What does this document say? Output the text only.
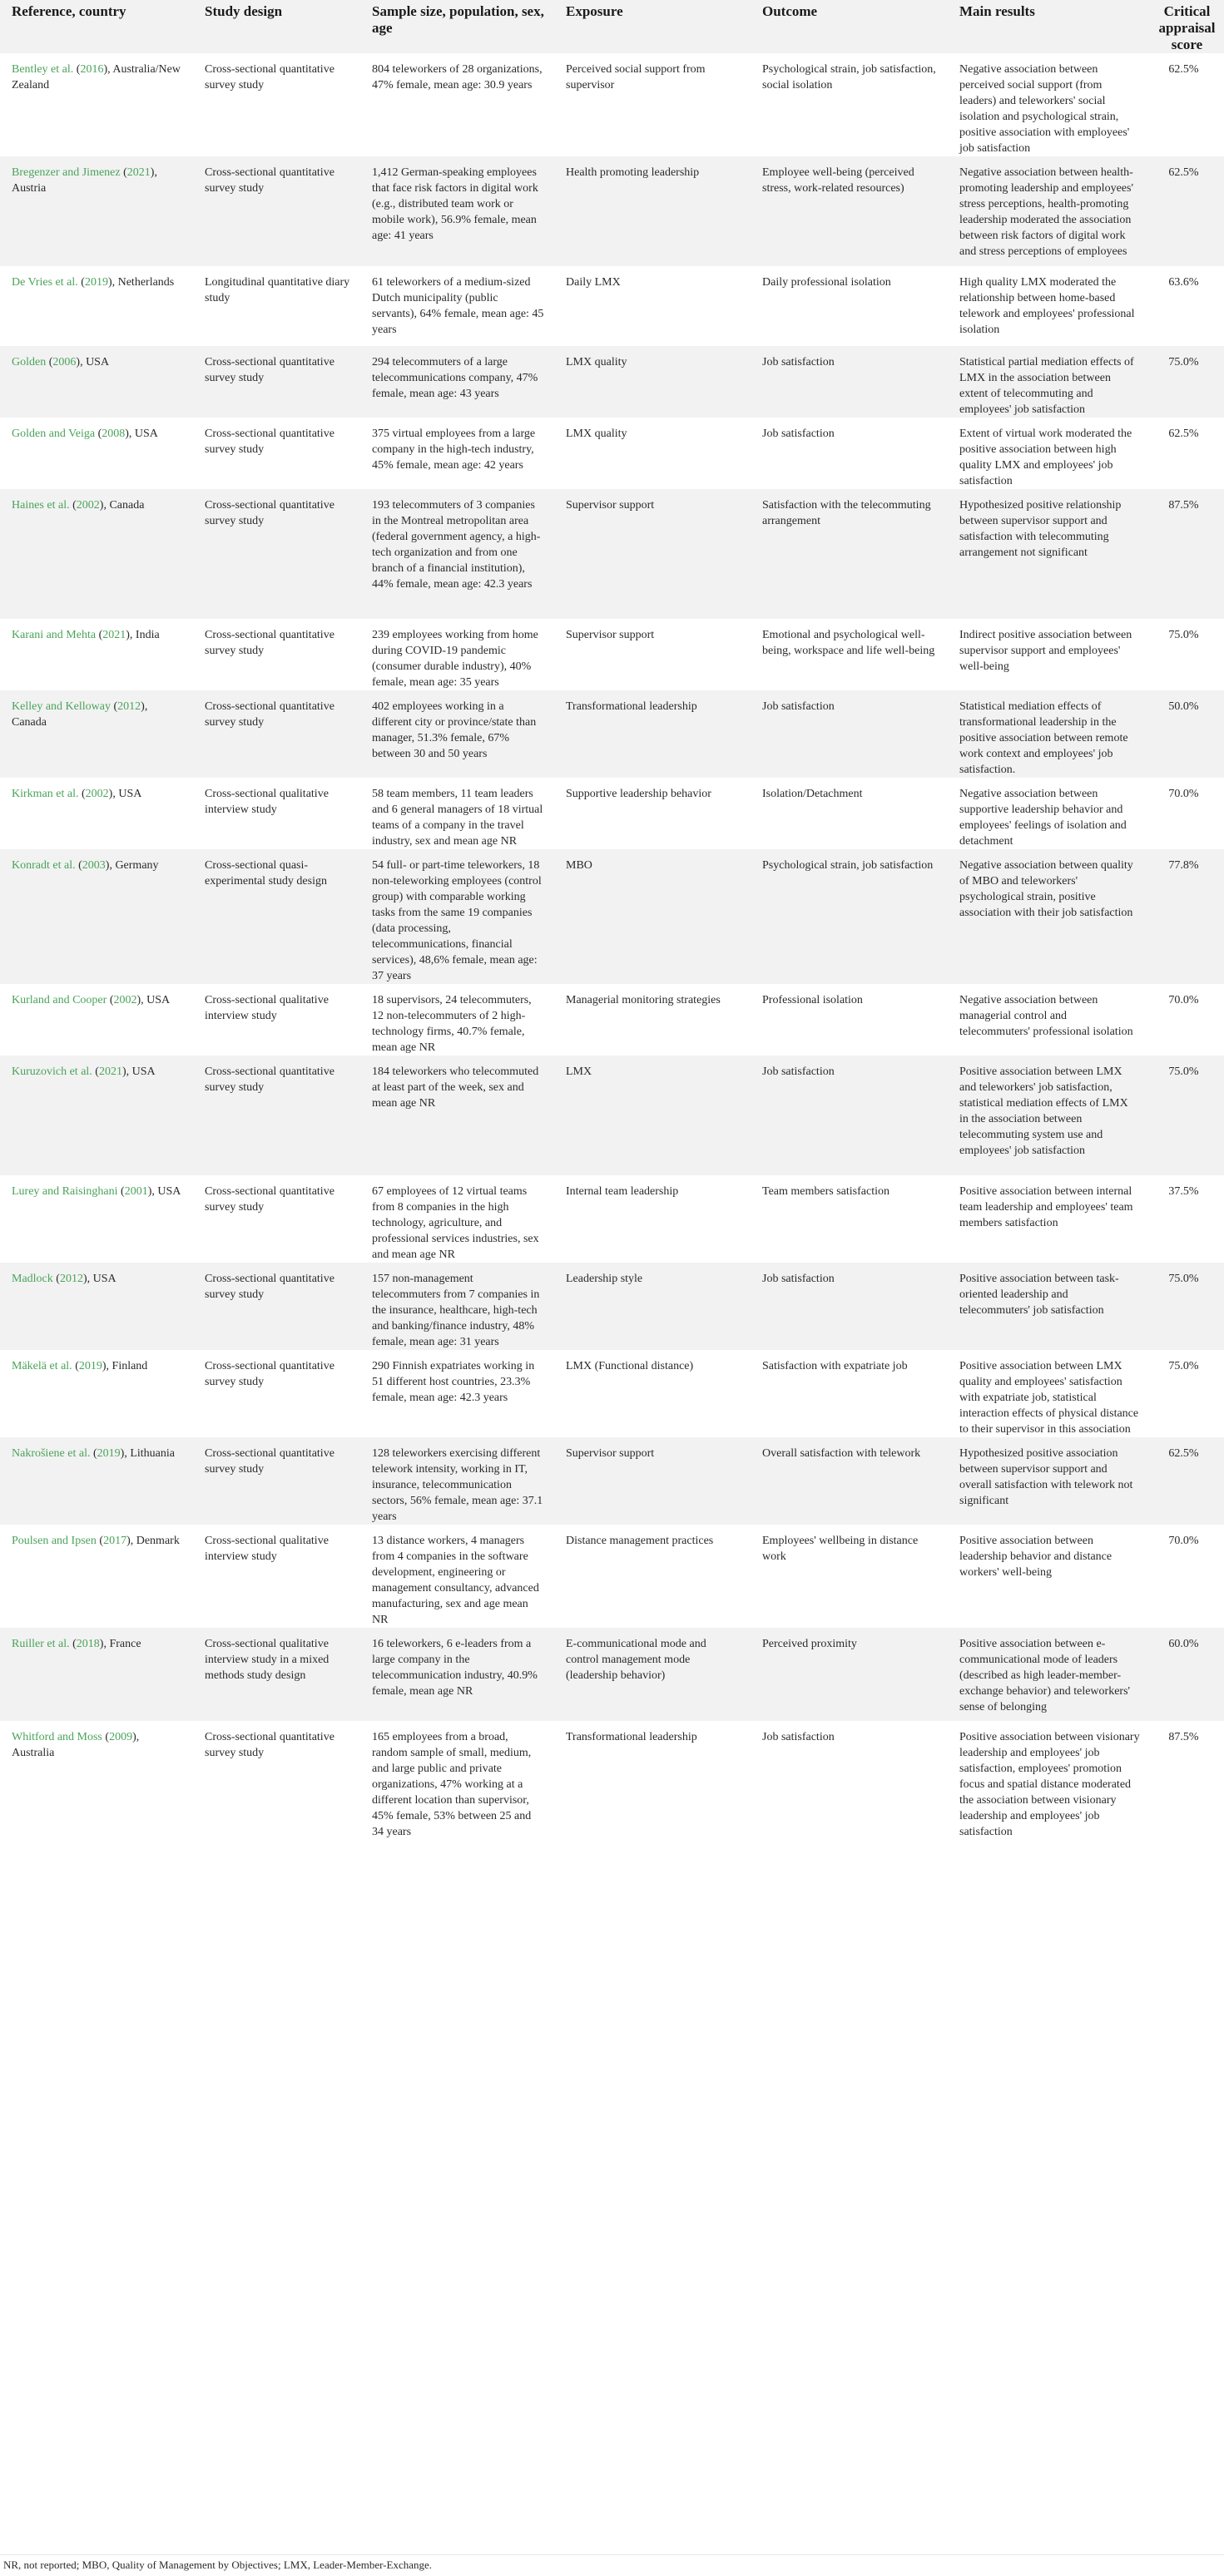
Reference, country	Study design	Sample size, population, sex, age	Exposure	Outcome	Main results	Critical appraisal score
Bentley et al. (2016), Australia/New Zealand	Cross-sectional quantitative survey study	804 teleworkers of 28 organizations, 47% female, mean age: 30.9 years	Perceived social support from supervisor	Psychological strain, job satisfaction, social isolation	Negative association between perceived social support (from leaders) and teleworkers' social isolation and psychological strain, positive association with employees' job satisfaction	62.5%
Bregenzer and Jimenez (2021), Austria	Cross-sectional quantitative survey study	1,412 German-speaking employees that face risk factors in digital work (e.g., distributed team work or mobile work), 56.9% female, mean age: 41 years	Health promoting leadership	Employee well-being (perceived stress, work-related resources)	Negative association between health-promoting leadership and employees' stress perceptions, health-promoting leadership moderated the association between risk factors of digital work and stress perceptions of employees	62.5%
De Vries et al. (2019), Netherlands	Longitudinal quantitative diary study	61 teleworkers of a medium-sized Dutch municipality (public servants), 64% female, mean age: 45 years	Daily LMX	Daily professional isolation	High quality LMX moderated the relationship between home-based telework and employees' professional isolation	63.6%
Golden (2006), USA	Cross-sectional quantitative survey study	294 telecommuters of a large telecommunications company, 47% female, mean age: 43 years	LMX quality	Job satisfaction	Statistical partial mediation effects of LMX in the association between extent of telecommuting and employees' job satisfaction	75.0%
Golden and Veiga (2008), USA	Cross-sectional quantitative survey study	375 virtual employees from a large company in the high-tech industry, 45% female, mean age: 42 years	LMX quality	Job satisfaction	Extent of virtual work moderated the positive association between high quality LMX and employees' job satisfaction	62.5%
Haines et al. (2002), Canada	Cross-sectional quantitative survey study	193 telecommuters of 3 companies in the Montreal metropolitan area (federal government agency, a high-tech organization and from one branch of a financial institution), 44% female, mean age: 42.3 years	Supervisor support	Satisfaction with the telecommuting arrangement	Hypothesized positive relationship between supervisor support and satisfaction with telecommuting arrangement not significant	87.5%
Karani and Mehta (2021), India	Cross-sectional quantitative survey study	239 employees working from home during COVID-19 pandemic (consumer durable industry), 40% female, mean age: 35 years	Supervisor support	Emotional and psychological well-being, workspace and life well-being	Indirect positive association between supervisor support and employees' well-being	75.0%
Kelley and Kelloway (2012), Canada	Cross-sectional quantitative survey study	402 employees working in a different city or province/state than manager, 51.3% female, 67% between 30 and 50 years	Transformational leadership	Job satisfaction	Statistical mediation effects of transformational leadership in the positive association between remote work context and employees' job satisfaction.	50.0%
Kirkman et al. (2002), USA	Cross-sectional qualitative interview study	58 team members, 11 team leaders and 6 general managers of 18 virtual teams of a company in the travel industry, sex and mean age NR	Supportive leadership behavior	Isolation/Detachment	Negative association between supportive leadership behavior and employees' feelings of isolation and detachment	70.0%
Konradt et al. (2003), Germany	Cross-sectional quasi-experimental study design	54 full- or part-time teleworkers, 18 non-teleworking employees (control group) with comparable working tasks from the same 19 companies (data processing, telecommunications, financial services), 48,6% female, mean age: 37 years	MBO	Psychological strain, job satisfaction	Negative association between quality of MBO and teleworkers' psychological strain, positive association with their job satisfaction	77.8%
Kurland and Cooper (2002), USA	Cross-sectional qualitative interview study	18 supervisors, 24 telecommuters, 12 non-telecommuters of 2 high-technology firms, 40.7% female, mean age NR	Managerial monitoring strategies	Professional isolation	Negative association between managerial control and telecommuters' professional isolation	70.0%
Kuruzovich et al. (2021), USA	Cross-sectional quantitative survey study	184 teleworkers who telecommuted at least part of the week, sex and mean age NR	LMX	Job satisfaction	Positive association between LMX and teleworkers' job satisfaction, statistical mediation effects of LMX in the association between telecommuting system use and employees' job satisfaction	75.0%
Lurey and Raisinghani (2001), USA	Cross-sectional quantitative survey study	67 employees of 12 virtual teams from 8 companies in the high technology, agriculture, and professional services industries, sex and mean age NR	Internal team leadership	Team members satisfaction	Positive association between internal team leadership and employees' team members satisfaction	37.5%
Madlock (2012), USA	Cross-sectional quantitative survey study	157 non-management telecommuters from 7 companies in the insurance, healthcare, high-tech and banking/finance industry, 48% female, mean age: 31 years	Leadership style	Job satisfaction	Positive association between task-oriented leadership and telecommuters' job satisfaction	75.0%
Mäkelä et al. (2019), Finland	Cross-sectional quantitative survey study	290 Finnish expatriates working in 51 different host countries, 23.3% female, mean age: 42.3 years	LMX (Functional distance)	Satisfaction with expatriate job	Positive association between LMX quality and employees' satisfaction with expatriate job, statistical interaction effects of physical distance to their supervisor in this association	75.0%
Nakrošiene et al. (2019), Lithuania	Cross-sectional quantitative survey study	128 teleworkers exercising different telework intensity, working in IT, insurance, telecommunication sectors, 56% female, mean age: 37.1 years	Supervisor support	Overall satisfaction with telework	Hypothesized positive association between supervisor support and overall satisfaction with telework not significant	62.5%
Poulsen and Ipsen (2017), Denmark	Cross-sectional qualitative interview study	13 distance workers, 4 managers from 4 companies in the software development, engineering or management consultancy, advanced manufacturing, sex and age mean NR	Distance management practices	Employees' wellbeing in distance work	Positive association between leadership behavior and distance workers' well-being	70.0%
Ruiller et al. (2018), France	Cross-sectional qualitative interview study in a mixed methods study design	16 teleworkers, 6 e-leaders from a large company in the telecommunication industry, 40.9% female, mean age NR	E-communicational mode and control management mode (leadership behavior)	Perceived proximity	Positive association between e-communicational mode of leaders (described as high leader-member-exchange behavior) and teleworkers' sense of belonging	60.0%
Whitford and Moss (2009), Australia	Cross-sectional quantitative survey study	165 employees from a broad, random sample of small, medium, and large public and private organizations, 47% working at a different location than supervisor, 45% female, 53% between 25 and 34 years	Transformational leadership	Job satisfaction	Positive association between visionary leadership and employees' job satisfaction, employees' promotion focus and spatial distance moderated the association between visionary leadership and employees' job satisfaction	87.5%
NR, not reported; MBO, Quality of Management by Objectives; LMX, Leader-Member-Exchange.
